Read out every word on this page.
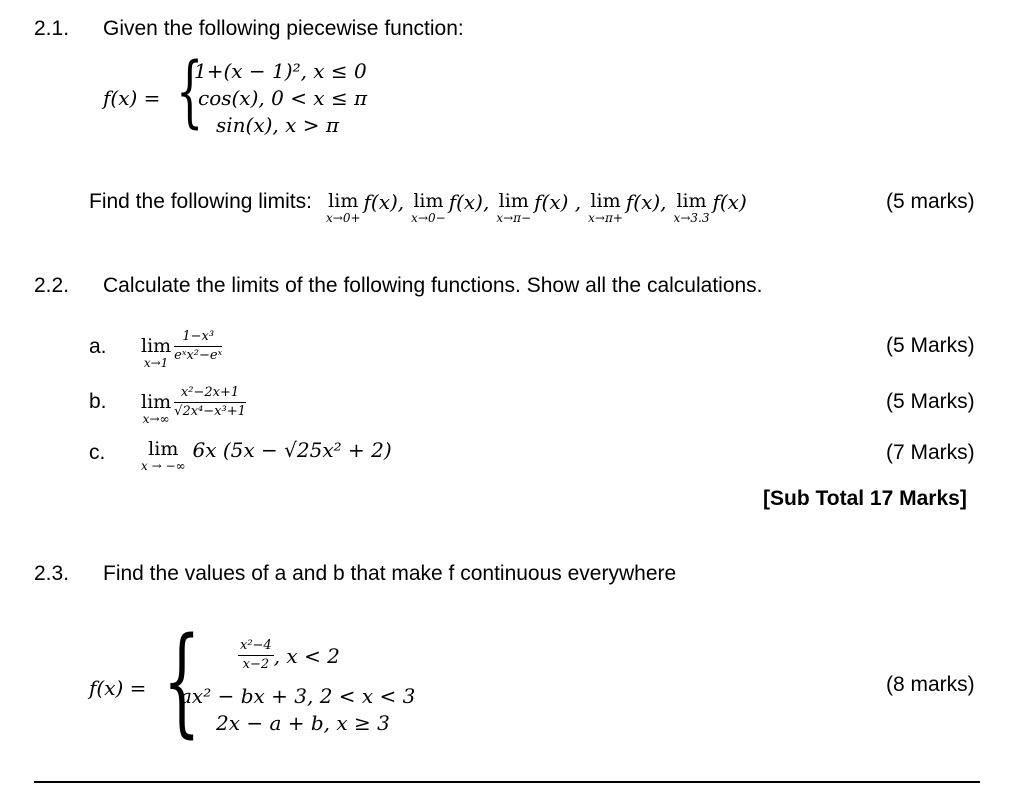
2.1. Given the following piecewise function:
f(x) = {
1+(x − 1)², x ≤ 0
cos(x), 0 < x ≤ π
sin(x), x > π
Find the following limits: lim
x→0+
f(x), lim
x→0−
f(x), lim
x→π−
f(x) , lim
x→π+
f(x), lim
x→3.3
f(x)	(5 marks)
2.2. Calculate the limits of the following functions. Show all the calculations.
a. lim
$x\to 1 \frac{\text{1−x³}}{\text{eˣx²−eˣ}}$	(5 Marks)
b. lim
$x\to\infty \frac{\text{x²−2x+1}}{\text{√2x⁴−x³+1}}$	(5 Marks)
c.	lim
x → −∞
6x (5x − √25x² + 2)	(7 Marks)
[Sub Total 17 Marks]
2.3. Find the values of a and b that make f continuous everywhere
f(x) = {	$\frac{\text{x²−4}}{x-2}$ , x < 2
ax² − bx + 3, 2 < x < 3
2x − a + b, x ≥ 3
(8 marks)
